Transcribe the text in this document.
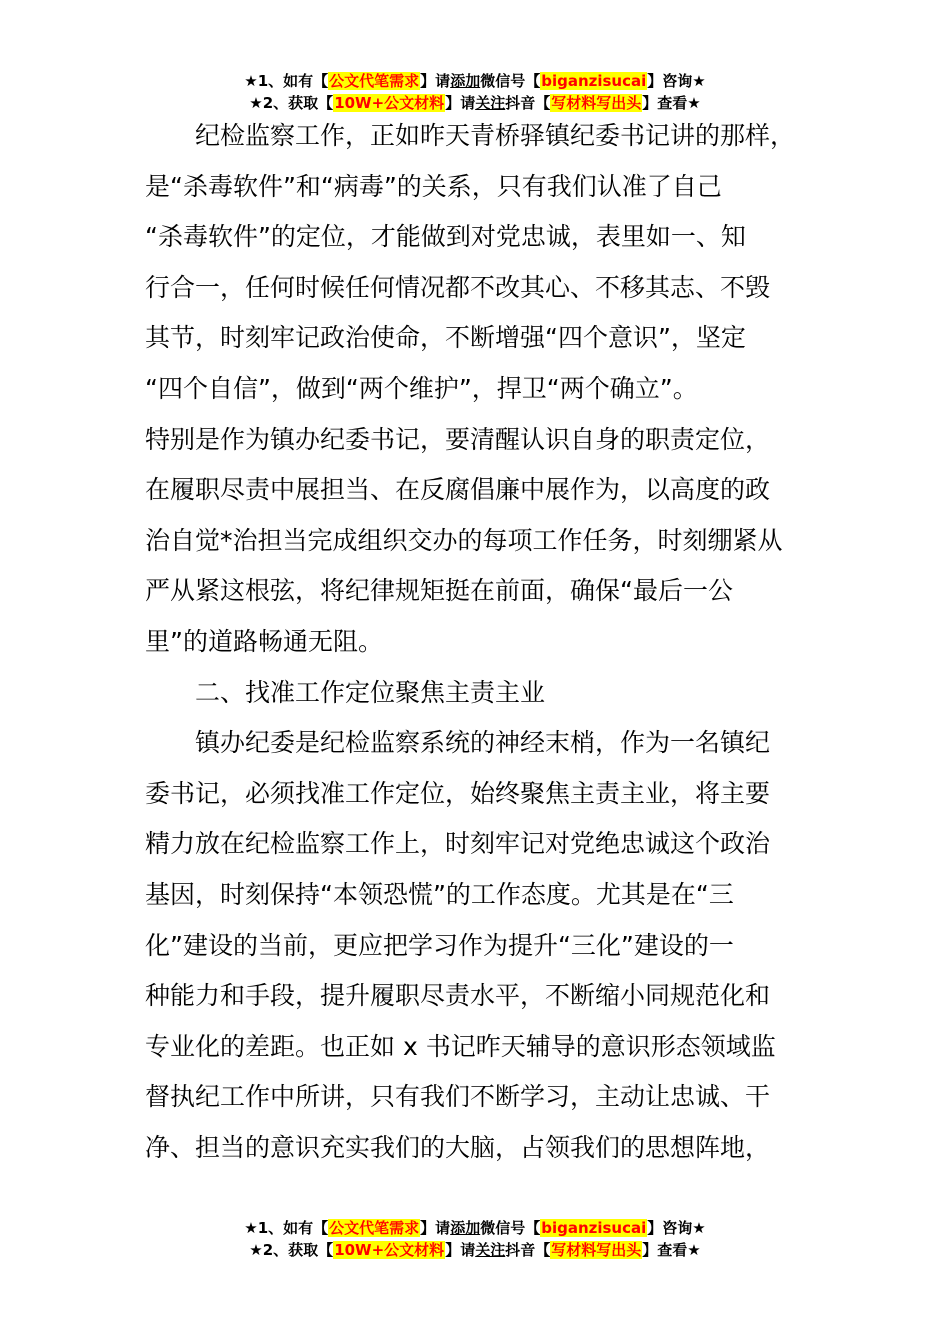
★1、如有【公文代笔需求】请添加微信号【biganzisucai】咨询★
★2、获取【10W+公文材料】请关注抖音【写材料写出头】查看★

纪检监察工作，正如昨天青桥驿镇纪委书记讲的那样，

是“杀毒软件”和“病毒”的关系，只有我们认准了自己

“杀毒软件”的定位，才能做到对党忠诚，表里如一、知

行合一，任何时候任何情况都不改其心、不移其志、不毁

其节，时刻牢记政治使命，不断增强“四个意识”，坚定

“四个自信”，做到“两个维护”，捍卫“两个确立”。

特别是作为镇办纪委书记，要清醒认识自身的职责定位，

在履职尽责中展担当、在反腐倡廉中展作为，以高度的政

治自觉*治担当完成组织交办的每项工作任务，时刻绷紧从

严从紧这根弦，将纪律规矩挺在前面，确保“最后一公

里”的道路畅通无阻。

二、找准工作定位聚焦主责主业

镇办纪委是纪检监察系统的神经末梢，作为一名镇纪

委书记，必须找准工作定位，始终聚焦主责主业，将主要

精力放在纪检监察工作上，时刻牢记对党绝忠诚这个政治

基因，时刻保持“本领恐慌”的工作态度。尤其是在“三

化”建设的当前，更应把学习作为提升“三化”建设的一

种能力和手段，提升履职尽责水平，不断缩小同规范化和

专业化的差距。也正如 x 书记昨天辅导的意识形态领域监

督执纪工作中所讲，只有我们不断学习，主动让忠诚、干

净、担当的意识充实我们的大脑，占领我们的思想阵地，

★1、如有【公文代笔需求】请添加微信号【biganzisucai】咨询★
★2、获取【10W+公文材料】请关注抖音【写材料写出头】查看★
